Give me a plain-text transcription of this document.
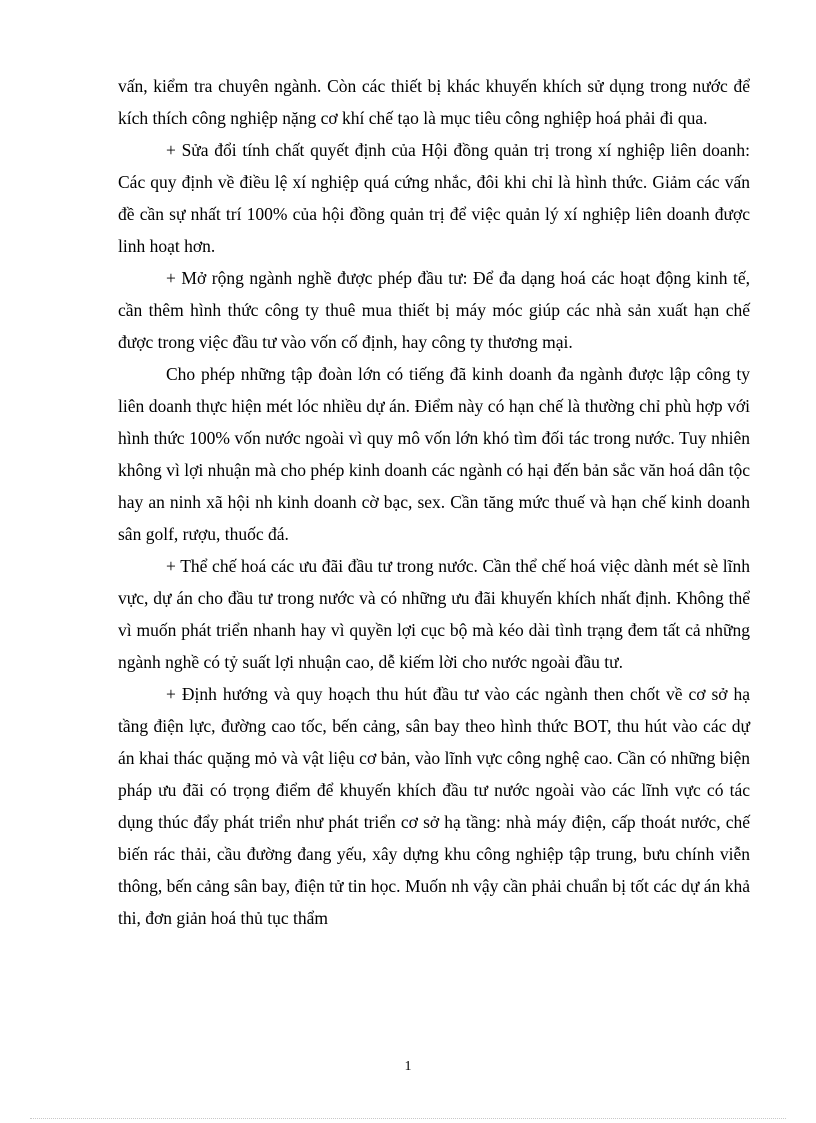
vấn, kiểm tra chuyên ngành. Còn các thiết bị khác khuyến khích sử dụng trong nước để kích thích công nghiệp nặng cơ khí chế tạo là mục tiêu công nghiệp hoá phải đi qua.

+ Sửa đổi tính chất quyết định của Hội đồng quản trị trong xí nghiệp liên doanh: Các quy định về điều lệ xí nghiệp quá cứng nhắc, đôi khi chỉ là hình thức. Giảm các vấn đề cần sự nhất trí 100% của hội đồng quản trị để việc quản lý xí nghiệp liên doanh được linh hoạt hơn.

+ Mở rộng ngành nghề được phép đầu tư: Để đa dạng hoá các hoạt động kinh tế, cần thêm hình thức công ty thuê mua thiết bị máy móc giúp các nhà sản xuất hạn chế được trong việc đầu tư vào vốn cố định, hay công ty thương mại.

Cho phép những tập đoàn lớn có tiếng đã kinh doanh đa ngành được lập công ty liên doanh thực hiện mét lóc nhiều dự án. Điểm này có hạn chế là thường chỉ phù hợp với hình thức 100% vốn nước ngoài vì quy mô vốn lớn khó tìm đối tác trong nước. Tuy nhiên không vì lợi nhuận mà cho phép kinh doanh các ngành có hại đến bản sắc văn hoá dân tộc hay an ninh xã hội nh kinh doanh cờ bạc, sex. Cần tăng mức thuế và hạn chế kinh doanh sân golf, rượu, thuốc đá.

+ Thể chế hoá các ưu đãi đầu tư trong nước. Cần thể chế hoá việc dành mét sè lĩnh vực, dự án cho đầu tư trong nước và có những ưu đãi khuyến khích nhất định. Không thể vì muốn phát triển nhanh hay vì quyền lợi cục bộ mà kéo dài tình trạng đem tất cả những ngành nghề có tỷ suất lợi nhuận cao, dễ kiếm lời cho nước ngoài đầu tư.

+ Định hướng và quy hoạch thu hút đầu tư vào các ngành then chốt về cơ sở hạ tầng điện lực, đường cao tốc, bến cảng, sân bay theo hình thức BOT, thu hút vào các dự án khai thác quặng mỏ và vật liệu cơ bản, vào lĩnh vực công nghệ cao. Cần có những biện pháp ưu đãi có trọng điểm để khuyến khích đầu tư nước ngoài vào các lĩnh vực có tác dụng thúc đẩy phát triển như phát triển cơ sở hạ tầng: nhà máy điện, cấp thoát nước, chế biến rác thải, cầu đường đang yếu, xây dựng khu công nghiệp tập trung, bưu chính viễn thông, bến cảng sân bay, điện tử tin học. Muốn nh vậy cần phải chuẩn bị tốt các dự án khả thi, đơn giản hoá thủ tục thẩm

1
